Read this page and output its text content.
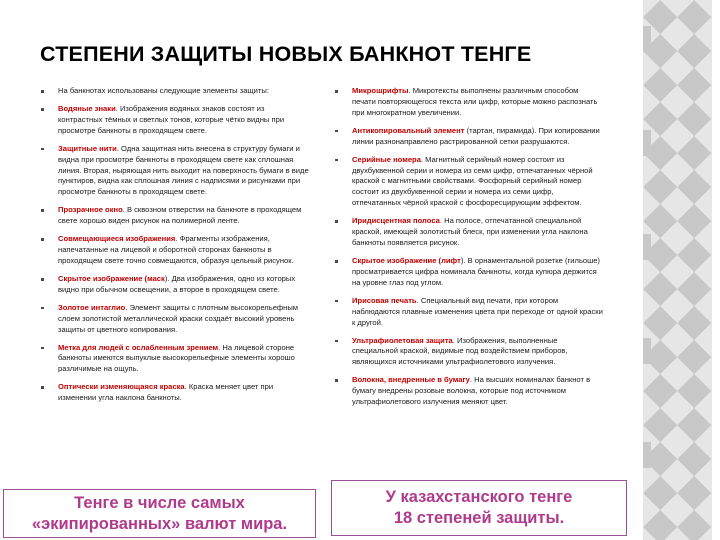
СТЕПЕНИ ЗАЩИТЫ НОВЫХ БАНКНОТ ТЕНГЕ
На банкнотах использованы следующие элементы защиты:
Водяные знаки. Изображения водяных знаков состоят из контрастных тёмных и светлых тонов, которые чётко видны при просмотре банкноты в проходящем свете.
Защитные нити. Одна защитная нить внесена в структуру бумаги и видна при просмотре банкноты в проходящем свете как сплошная линия. Вторая, ныряющая нить выходит на поверхность бумаги в виде пунктиров, видна как сплошная линия с надписями и рисунками при просмотре банкноты в проходящем свете.
Прозрачное окно. В сквозном отверстии на банкноте в проходящем свете хорошо виден рисунок на полимерной ленте.
Совмещающиеся изображения. Фрагменты изображения, напечатанные на лицевой и оборотной сторонах банкноты в проходящем свете точно совмещаются, образуя цельный рисунок.
Скрытое изображение (маск). Два изображения, одно из которых видно при обычном освещении, а второе в проходящем свете.
Золотое интаглио. Элемент защиты с плотным высокорельефным слоем золотистой металлической краски создаёт высокий уровень защиты от цветного копирования.
Метка для людей с ослабленным зрением. На лицевой стороне банкноты имеются выпуклые высокорельефные элементы хорошо различимые на ощупь.
Оптически изменяющаяся краска. Краска меняет цвет при изменении угла наклона банкноты.
Микрошрифты. Микротексты выполнены различным способом печати повторяющегося текста или цифр, которые можно распознать при многократном увеличении.
Антикопировальный элемент (тартан, пирамида). При копировании линии разнонаправлено растрированной сетки разрушаются.
Серийные номера. Магнитный серийный номер состоит из двухбуквенной серии и номера из семи цифр, отпечатанных чёрной краской с магнитными свойствами. Фосфорный серийный номер состоит из двухбуквенной серии и номера из семи цифр, отпечатанных чёрной краской с фосфоресцирующим эффектом.
Иридисцентная полоса. На полосе, отпечатанной специальной краской, имеющей золотистый блеск, при изменении угла наклона банкноты появляется рисунок.
Скрытое изображение (лифт). В орнаментальной розетке (гильоше) просматривается цифра номинала банкноты, когда купюра держится на уровне глаз под углом.
Ирисовая печать. Специальный вид печати, при котором наблюдаются плавные изменения цвета при переходе от одной краски к другой.
Ультрафиолетовая защита. Изображения, выполненные специальной краской, видимые под воздействием приборов, являющихся источниками ультрафиолетового излучения.
Волокна, внедренные в бумагу. На высших номиналах банкнот в бумагу внедрены розовые волокна, которые под источником ультрафиолетового излучения меняют цвет.
Тенге в числе самых
«экипированных» валют мира.
У казахстанского тенге
18 степеней защиты.
